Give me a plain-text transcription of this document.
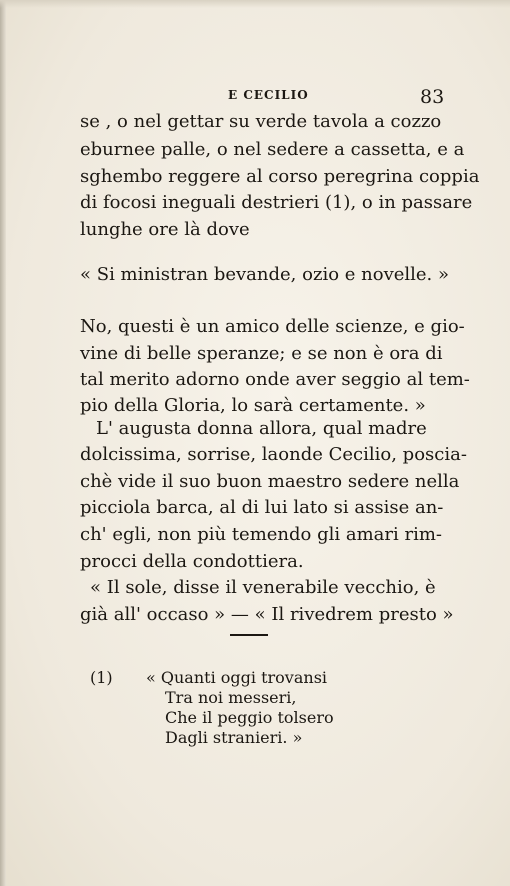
E CECILIO	83
se , o nel gettar su verde tavola a cozzo
eburnee palle, o nel sedere a cassetta, e a
sghembo reggere al corso peregrina coppia
di focosi ineguali destrieri (1), o in passare
lunghe ore là dove
« Si ministran bevande, ozio e novelle. »
No, questi è un amico delle scienze, e gio-
vine di belle speranze; e se non è ora di
tal merito adorno onde aver seggio al tem-
pio della Gloria, lo sarà certamente. »
L' augusta donna allora, qual madre
dolcissima, sorrise, laonde Cecilio, poscia-
chè vide il suo buon maestro sedere nella
picciola barca, al di lui lato si assise an-
ch' egli, non più temendo gli amari rim-
procci della condottiera.
« Il sole, disse il venerabile vecchio, è
già all' occaso » — « Il rivedrem presto »
(1) « Quanti oggi trovansi
Tra noi messeri,
Che il peggio tolsero
Dagli stranieri. »
